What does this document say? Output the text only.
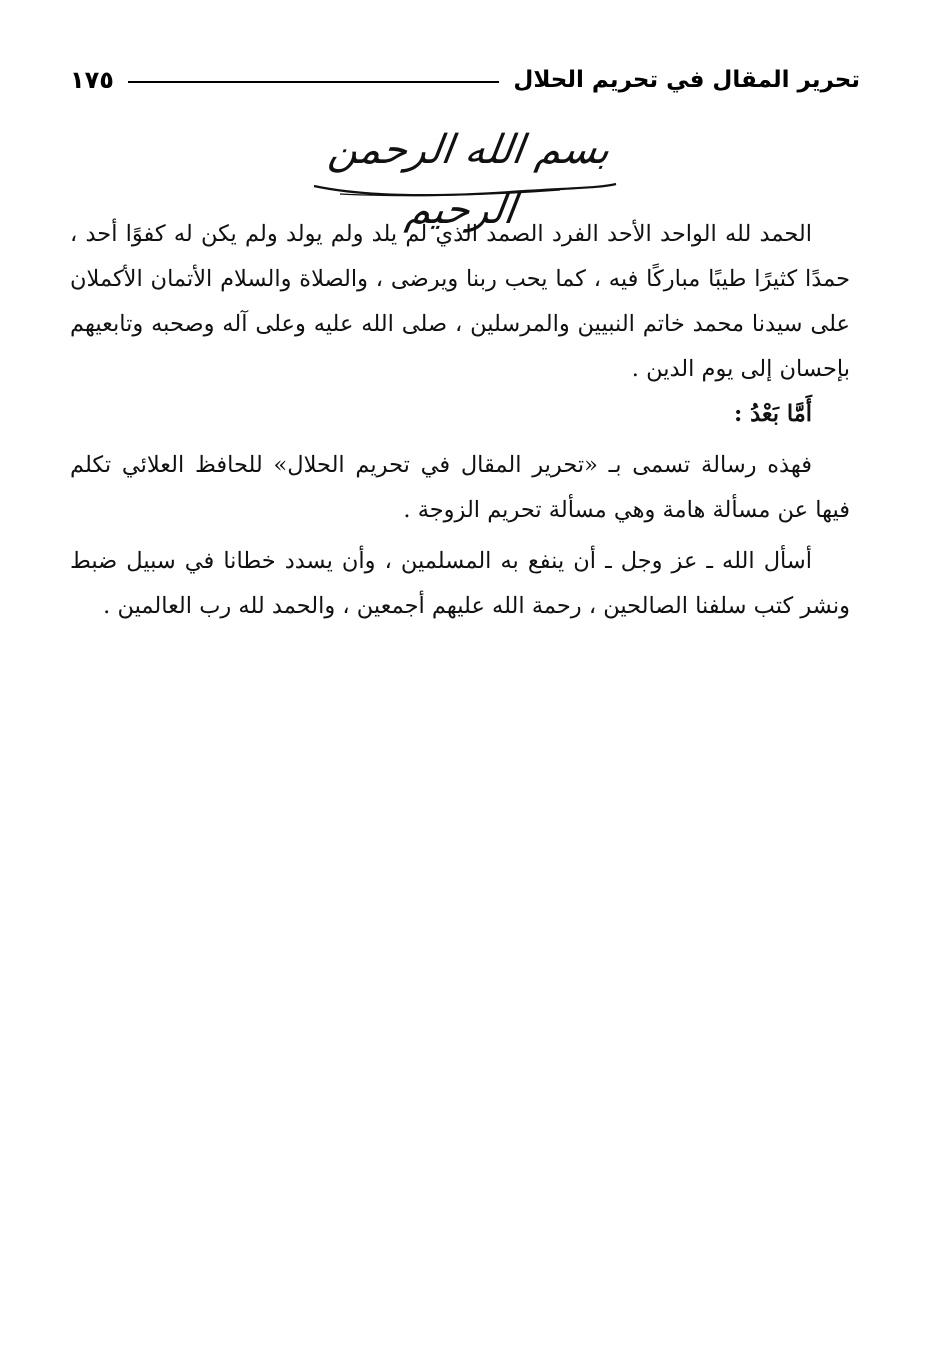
تحرير المقال في تحريم الحلال
١٧٥
بسم الله الرحمن الرحيم

الحمد لله الواحد الأحد الفرد الصمد الذي لم يلد ولم يولد ولم يكن له كفوًا أحد ، حمدًا كثيرًا طيبًا مباركًا فيه ، كما يحب ربنا ويرضى ، والصلاة والسلام الأتمان الأكملان على سيدنا محمد خاتم النبيين والمرسلين ، صلى الله عليه وعلى آله وصحبه وتابعيهم بإحسان إلى يوم الدين .

أَمَّا بَعْدُ :

فهذه رسالة تسمى بـ «تحرير المقال في تحريم الحلال» للحافظ العلائي تكلم فيها عن مسألة هامة وهي مسألة تحريم الزوجة .

أسأل الله ـ عز وجل ـ أن ينفع به المسلمين ، وأن يسدد خطانا في سبيل ضبط ونشر كتب سلفنا الصالحين ، رحمة الله عليهم أجمعين ، والحمد لله رب العالمين .
